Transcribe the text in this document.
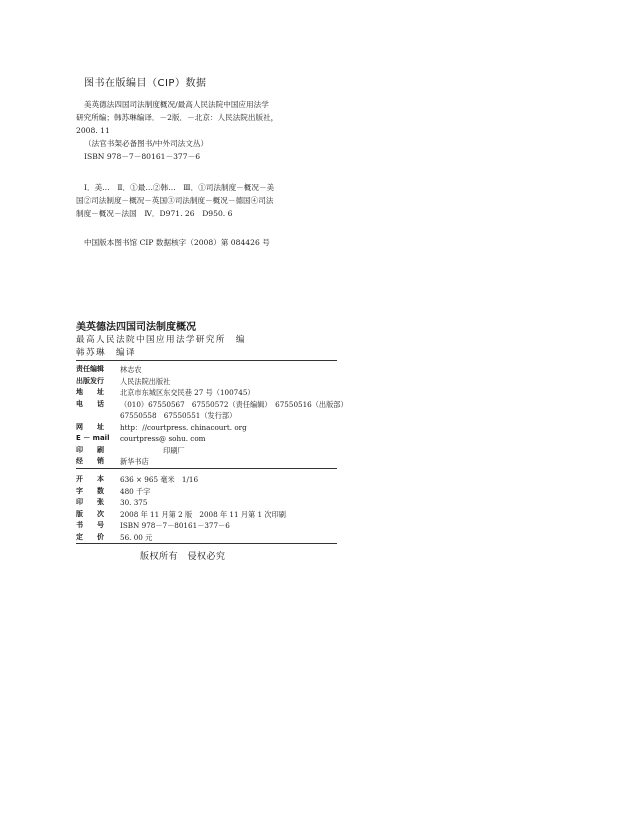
图书在版编目（CIP）数据
美英德法四国司法制度概况/最高人民法院中国应用法学
研究所编；韩苏琳编译．－2版．－北京：人民法院出版社，
2008. 11
（法官书架必备图书/中外司法文丛）
ISBN 978－7－80161－377－6
Ⅰ．美…　Ⅱ．①最…②韩…　Ⅲ．①司法制度－概况－美
国②司法制度－概况－英国③司法制度－概况－德国④司法
制度－概况－法国　Ⅳ．D971. 26　D950. 6
中国版本图书馆 CIP 数据核字（2008）第 084426 号
美英德法四国司法制度概况
最高人民法院中国应用法学研究所　编
韩苏琳　编译
责任编辑	林志农
出版发行	人民法院出版社
地　　址	北京市东城区东交民巷 27 号（100745）
电　　话	（010）67550567　67550572（责任编辑）　67550516（出版部）
67550558　67550551（发行部）
网　　址	http：//courtpress. chinacourt. org
E － mail	courtpress@ sohu. com
印　　刷	　　　　　　印刷厂
经　　销	新华书店
开　　本	636 × 965 毫米　1/16
字　　数	480 千字
印　　张	30. 375
版　　次	2008 年 11 月第 2 版　2008 年 11 月第 1 次印刷
书　　号	ISBN 978－7－80161－377－6
定　　价	56. 00 元
版权所有　侵权必究
